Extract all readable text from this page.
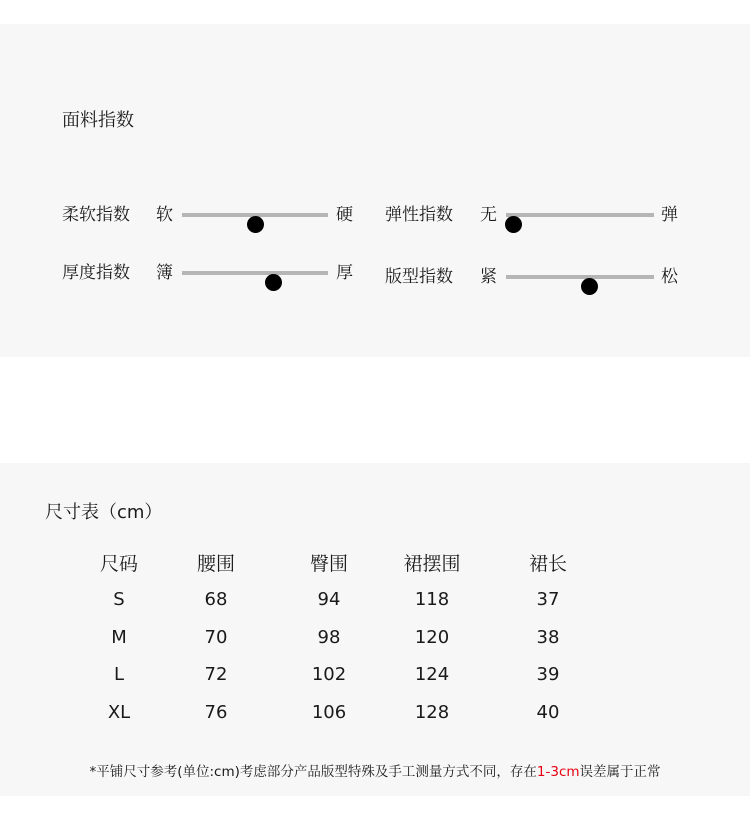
面料指数
柔软指数 软	硬
厚度指数 簿	厚
弹性指数 无	弹
版型指数 紧	松
尺寸表（cm）
尺码	腰围	臀围	裙摆围	裙长
S	68	94	118	37
M	70	98	120	38
L	72	102	124	39
XL	76	106	128	40
*平铺尺寸参考(单位:cm)考虑部分产品版型特殊及手工测量方式不同，存在1-3cm误差属于正常
